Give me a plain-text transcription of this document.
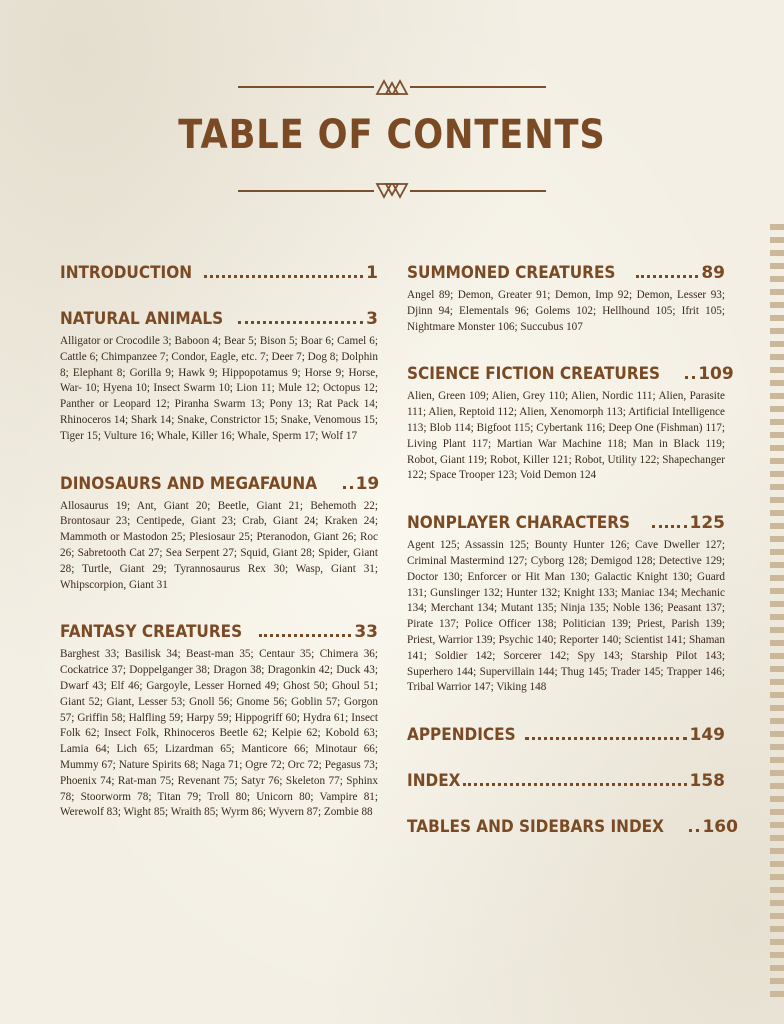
TABLE OF CONTENTS
INTRODUCTION	1
NATURAL ANIMALS	3
Alligator or Crocodile 3; Baboon 4; Bear 5; Bison 5; Boar 6; Camel 6; Cattle 6; Chimpanzee 7; Condor, Eagle, etc. 7; Deer 7; Dog 8; Dolphin 8; Elephant 8; Gorilla 9; Hawk 9; Hippopotamus 9; Horse 9; Horse, War- 10; Hyena 10; Insect Swarm 10; Lion 11; Mule 12; Octopus 12; Panther or Leopard 12; Piranha Swarm 13; Pony 13; Rat Pack 14; Rhinoceros 14; Shark 14; Snake, Constrictor 15; Snake, Venomous 15; Tiger 15; Vulture 16; Whale, Killer 16; Whale, Sperm 17; Wolf 17
DINOSAURS AND MEGAFAUNA 19
Allosaurus 19; Ant, Giant 20; Beetle, Giant 21; Behemoth 22; Brontosaur 23; Centipede, Giant 23; Crab, Giant 24; Kraken 24; Mammoth or Mastodon 25; Plesiosaur 25; Pteranodon, Giant 26; Roc 26; Sabretooth Cat 27; Sea Serpent 27; Squid, Giant 28; Spider, Giant 28; Turtle, Giant 29; Tyrannosaurus Rex 30; Wasp, Giant 31; Whipscorpion, Giant 31
FANTASY CREATURES	33
Barghest 33; Basilisk 34; Beast-man 35; Centaur 35; Chimera 36; Cockatrice 37; Doppelganger 38; Dragon 38; Dragonkin 42; Duck 43; Dwarf 43; Elf 46; Gargoyle, Lesser Horned 49; Ghost 50; Ghoul 51; Giant 52; Giant, Lesser 53; Gnoll 56; Gnome 56; Goblin 57; Gorgon 57; Griffin 58; Halfling 59; Harpy 59; Hippogriff 60; Hydra 61; Insect Folk 62; Insect Folk, Rhinoceros Beetle 62; Kelpie 62; Kobold 63; Lamia 64; Lich 65; Lizardman 65; Manticore 66; Minotaur 66; Mummy 67; Nature Spirits 68; Naga 71; Ogre 72; Orc 72; Pegasus 73; Phoenix 74; Rat-man 75; Revenant 75; Satyr 76; Skeleton 77; Sphinx 78; Stoorworm 78; Titan 79; Troll 80; Unicorn 80; Vampire 81; Werewolf 83; Wight 85; Wraith 85; Wyrm 86; Wyvern 87; Zombie 88
SUMMONED CREATURES	89
Angel 89; Demon, Greater 91; Demon, Imp 92; Demon, Lesser 93; Djinn 94; Elementals 96; Golems 102; Hellhound 105; Ifrit 105; Nightmare Monster 106; Succubus 107
SCIENCE FICTION CREATURES 109
Alien, Green 109; Alien, Grey 110; Alien, Nordic 111; Alien, Parasite 111; Alien, Reptoid 112; Alien, Xenomorph 113; Artificial Intelligence 113; Blob 114; Bigfoot 115; Cybertank 116; Deep One (Fishman) 117; Living Plant 117; Martian War Machine 118; Man in Black 119; Robot, Giant 119; Robot, Killer 121; Robot, Utility 122; Shapechanger 122; Space Trooper 123; Void Demon 124
NONPLAYER CHARACTERS	125
Agent 125; Assassin 125; Bounty Hunter 126; Cave Dweller 127; Criminal Mastermind 127; Cyborg 128; Demigod 128; Detective 129; Doctor 130; Enforcer or Hit Man 130; Galactic Knight 130; Guard 131; Gunslinger 132; Hunter 132; Knight 133; Maniac 134; Mechanic 134; Merchant 134; Mutant 135; Ninja 135; Noble 136; Peasant 137; Pirate 137; Police Officer 138; Politician 139; Priest, Parish 139; Priest, Warrior 139; Psychic 140; Reporter 140; Scientist 141; Shaman 141; Soldier 142; Sorcerer 142; Spy 143; Starship Pilot 143; Superhero 144; Supervillain 144; Thug 145; Trader 145; Trapper 146; Tribal Warrior 147; Viking 148
APPENDICES	149
INDEX	158
TABLES AND SIDEBARS INDEX 160
